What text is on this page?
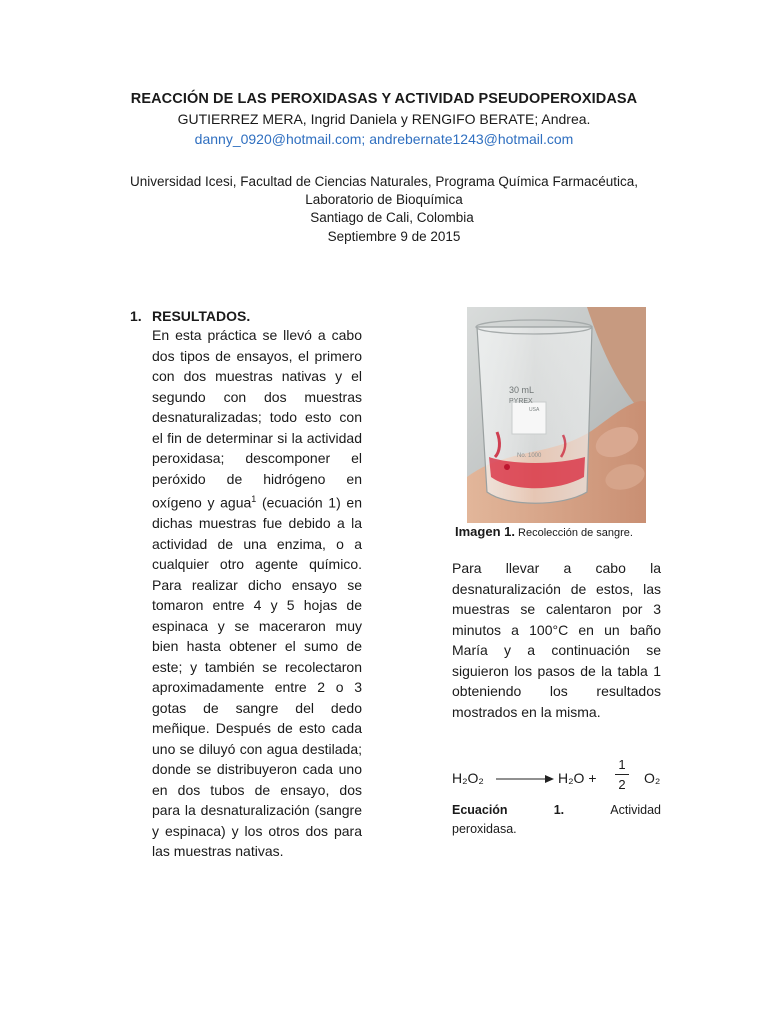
REACCIÓN DE LAS PEROXIDASAS Y ACTIVIDAD PSEUDOPEROXIDASA
GUTIERREZ MERA, Ingrid Daniela y RENGIFO BERATE; Andrea.
danny_0920@hotmail.com; andrebernate1243@hotmail.com
Universidad Icesi, Facultad de Ciencias Naturales, Programa Química Farmacéutica,
Laboratorio de Bioquímica
Santiago de Cali, Colombia
Septiembre 9 de 2015
1. RESULTADOS.

En esta práctica se llevó a cabo dos tipos de ensayos, el primero con dos muestras nativas y el segundo con dos muestras desnaturalizadas; todo esto con el fin de determinar si la actividad peroxidasa; descomponer el peróxido de hidrógeno en oxígeno y agua$^1$ (ecuación 1) en dichas muestras fue debido a la actividad de una enzima, o a cualquier otro agente químico. Para realizar dicho ensayo se tomaron entre 4 y 5 hojas de espinaca y se maceraron muy bien hasta obtener el sumo de este; y también se recolectaron aproximadamente entre 2 o 3 gotas de sangre del dedo meñique. Después de esto cada uno se diluyó con agua destilada; donde se distribuyeron cada uno en dos tubos de ensayo, dos para la desnaturalización (sangre y espinaca) y los otros dos para las muestras nativas.

30 mL
PYREX
USA
No. 1000
Imagen 1. Recolección de sangre.

Para llevar a cabo la desnaturalización de estos, las muestras se calentaron por 3 minutos a 100°C en un baño María y a continuación se siguieron los pasos de la tabla 1 obteniendo los resultados mostrados en la misma.

H₂O₂ → H₂O +
1
2 O₂
Ecuación	1.	Actividad
peroxidasa.
